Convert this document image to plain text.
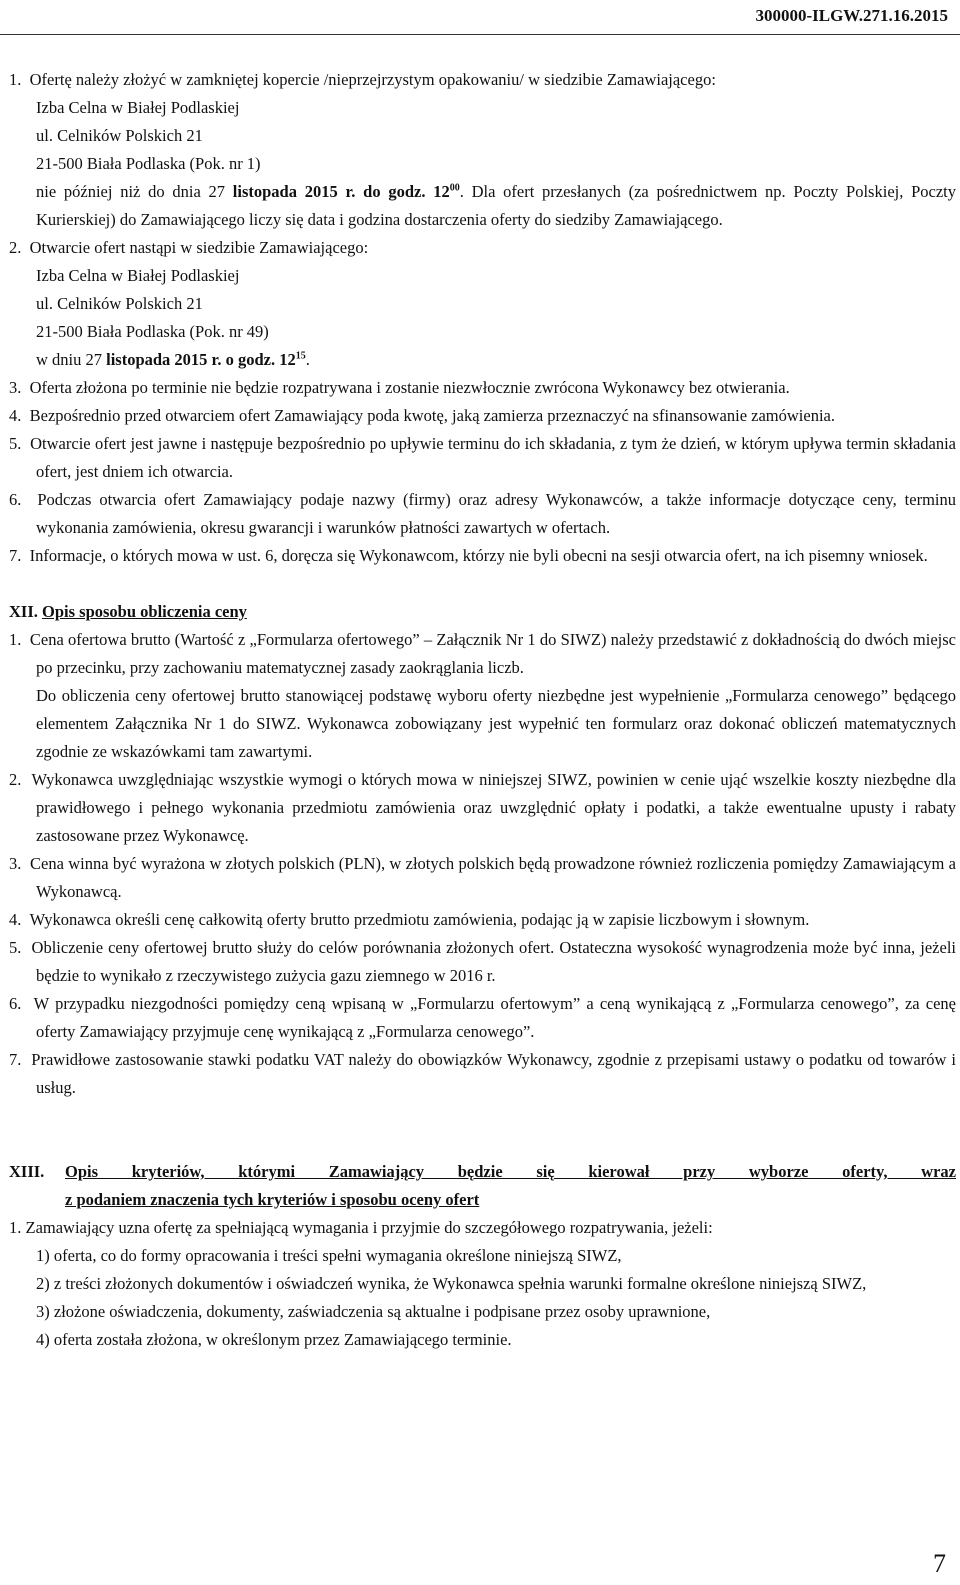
300000-ILGW.271.16.2015

1.  Ofertę należy złożyć w zamkniętej kopercie /nieprzejrzystym opakowaniu/ w siedzibie Zamawiającego:

Izba Celna w Białej Podlaskiej

ul. Celników Polskich 21

21-500 Biała Podlaska (Pok. nr 1)

nie później niż do dnia 27 listopada 2015 r. do godz. $12^{00}$. Dla ofert przesłanych (za pośrednictwem np. Poczty Polskiej, Poczty Kurierskiej) do Zamawiającego liczy się data i godzina dostarczenia oferty do siedziby Zamawiającego.

2.  Otwarcie ofert nastąpi w siedzibie Zamawiającego:

Izba Celna w Białej Podlaskiej

ul. Celników Polskich 21

21-500 Biała Podlaska (Pok. nr 49)

w dniu 27 listopada 2015 r. o godz. $12^{15}$.

3.  Oferta złożona po terminie nie będzie rozpatrywana i zostanie niezwłocznie zwrócona Wykonawcy bez otwierania.

4.  Bezpośrednio przed otwarciem ofert Zamawiający poda kwotę, jaką zamierza przeznaczyć na sfinansowanie zamówienia.

5.  Otwarcie ofert jest jawne i następuje bezpośrednio po upływie terminu do ich składania, z tym że dzień, w którym upływa termin składania ofert, jest dniem ich otwarcia.

6.  Podczas otwarcia ofert Zamawiający podaje nazwy (firmy) oraz adresy Wykonawców, a także informacje dotyczące ceny, terminu wykonania zamówienia, okresu gwarancji i warunków płatności zawartych w ofertach.

7.  Informacje, o których mowa w ust. 6, doręcza się Wykonawcom, którzy nie byli obecni na sesji otwarcia ofert, na ich pisemny wniosek.

XII. Opis sposobu obliczenia ceny

1.  Cena ofertowa brutto (Wartość z „Formularza ofertowego” – Załącznik Nr 1 do SIWZ) należy przedstawić z dokładnością do dwóch miejsc po przecinku, przy zachowaniu matematycznej zasady zaokrąglania liczb.

Do obliczenia ceny ofertowej brutto stanowiącej podstawę wyboru oferty niezbędne jest wypełnienie „Formularza cenowego” będącego elementem Załącznika Nr 1 do SIWZ. Wykonawca zobowiązany jest wypełnić ten formularz oraz dokonać obliczeń matematycznych zgodnie ze wskazówkami tam zawartymi.

2.  Wykonawca uwzględniając wszystkie wymogi o których mowa w niniejszej SIWZ, powinien w cenie ująć wszelkie koszty niezbędne dla prawidłowego i pełnego wykonania przedmiotu zamówienia oraz uwzględnić opłaty i podatki, a także ewentualne upusty i rabaty zastosowane przez Wykonawcę.

3.  Cena winna być wyrażona w złotych polskich (PLN), w złotych polskich będą prowadzone również rozliczenia pomiędzy Zamawiającym a Wykonawcą.

4.  Wykonawca określi cenę całkowitą oferty brutto przedmiotu zamówienia, podając ją w zapisie liczbowym i słownym.

5.  Obliczenie ceny ofertowej brutto służy do celów porównania złożonych ofert. Ostateczna wysokość wynagrodzenia może być inna, jeżeli będzie to wynikało z rzeczywistego zużycia gazu ziemnego w 2016 r.

6.  W przypadku niezgodności pomiędzy ceną wpisaną w „Formularzu ofertowym” a ceną wynikającą z „Formularza cenowego”, za cenę oferty Zamawiający przyjmuje cenę wynikającą z „Formularza cenowego”.

7.  Prawidłowe zastosowanie stawki podatku VAT należy do obowiązków Wykonawcy, zgodnie z przepisami ustawy o podatku od towarów i usług.

XIII.	Opis kryteriów, którymi Zamawiający będzie się kierował przy wyborze oferty, wraz

z podaniem znaczenia tych kryteriów i sposobu oceny ofert

1. Zamawiający uzna ofertę za spełniającą wymagania i przyjmie do szczegółowego rozpatrywania, jeżeli:

1) oferta, co do formy opracowania i treści spełni wymagania określone niniejszą SIWZ,

2) z treści złożonych dokumentów i oświadczeń wynika, że Wykonawca spełnia warunki formalne określone niniejszą SIWZ,

3) złożone oświadczenia, dokumenty, zaświadczenia są aktualne i podpisane przez osoby uprawnione,

4) oferta została złożona, w określonym przez Zamawiającego terminie.

7
